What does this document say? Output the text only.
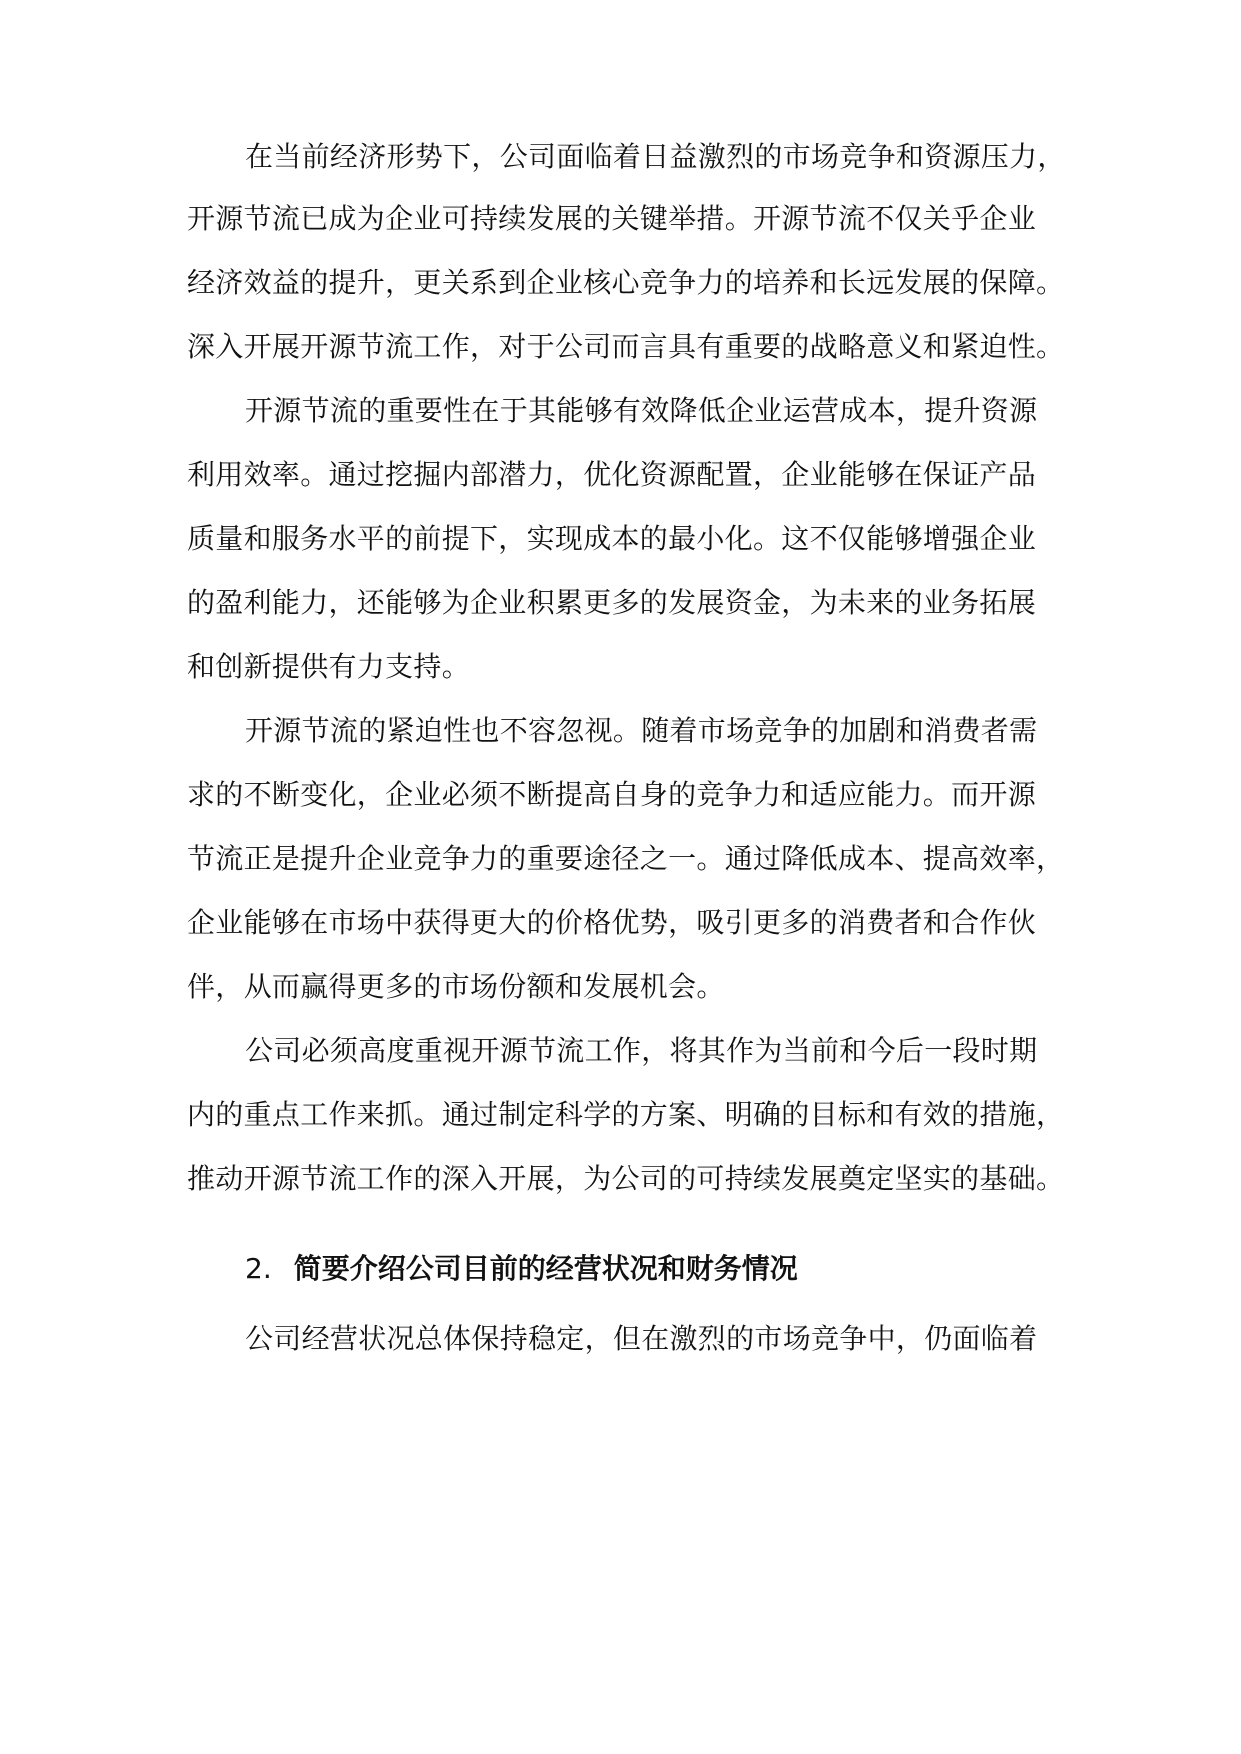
在当前经济形势下，公司面临着日益激烈的市场竞争和资源压力，
开源节流已成为企业可持续发展的关键举措。开源节流不仅关乎企业
经济效益的提升，更关系到企业核心竞争力的培养和长远发展的保障。
深入开展开源节流工作，对于公司而言具有重要的战略意义和紧迫性。
开源节流的重要性在于其能够有效降低企业运营成本，提升资源
利用效率。通过挖掘内部潜力，优化资源配置，企业能够在保证产品
质量和服务水平的前提下，实现成本的最小化。这不仅能够增强企业
的盈利能力，还能够为企业积累更多的发展资金，为未来的业务拓展
和创新提供有力支持。
开源节流的紧迫性也不容忽视。随着市场竞争的加剧和消费者需
求的不断变化，企业必须不断提高自身的竞争力和适应能力。而开源
节流正是提升企业竞争力的重要途径之一。通过降低成本、提高效率，
企业能够在市场中获得更大的价格优势，吸引更多的消费者和合作伙
伴，从而赢得更多的市场份额和发展机会。
公司必须高度重视开源节流工作，将其作为当前和今后一段时期
内的重点工作来抓。通过制定科学的方案、明确的目标和有效的措施，
推动开源节流工作的深入开展，为公司的可持续发展奠定坚实的基础。
2. 简要介绍公司目前的经营状况和财务情况
公司经营状况总体保持稳定，但在激烈的市场竞争中，仍面临着
